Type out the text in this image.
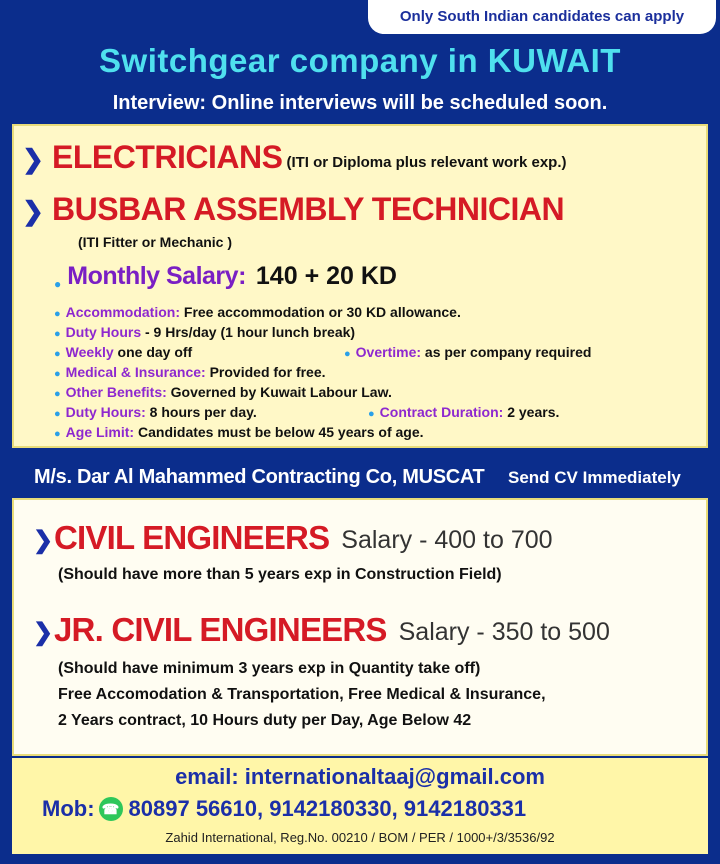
Only South Indian candidates can apply
Switchgear company in KUWAIT
Interview: Online interviews will be scheduled soon.
❯ ELECTRICIANS (ITI or Diploma plus relevant work exp.)
❯ BUSBAR ASSEMBLY TECHNICIAN
(ITI Fitter or Mechanic )
● Monthly Salary: 140 + 20 KD
● Accommodation: Free accommodation or 30 KD allowance.
● Duty Hours - 9 Hrs/day (1 hour lunch break)
● Weekly one day off	● Overtime: as per company required
● Medical & Insurance: Provided for free.
● Other Benefits: Governed by Kuwait Labour Law.
● Duty Hours: 8 hours per day.	● Contract Duration: 2 years.
● Age Limit: Candidates must be below 45 years of age.
M/s. Dar Al Mahammed Contracting Co, MUSCAT Send CV Immediately
❯ CIVIL ENGINEERS Salary - 400 to 700
(Should have more than 5 years exp in Construction Field)
❯ JR. CIVIL ENGINEERS Salary - 350 to 500
(Should have minimum 3 years exp in Quantity take off)
Free Accomodation & Transportation, Free Medical & Insurance,
2 Years contract, 10 Hours duty per Day, Age Below 42
email: internationaltaaj@gmail.com
Mob: ☎ 80897 56610, 9142180330, 9142180331
Zahid International, Reg.No. 00210 / BOM / PER / 1000+/3/3536/92
